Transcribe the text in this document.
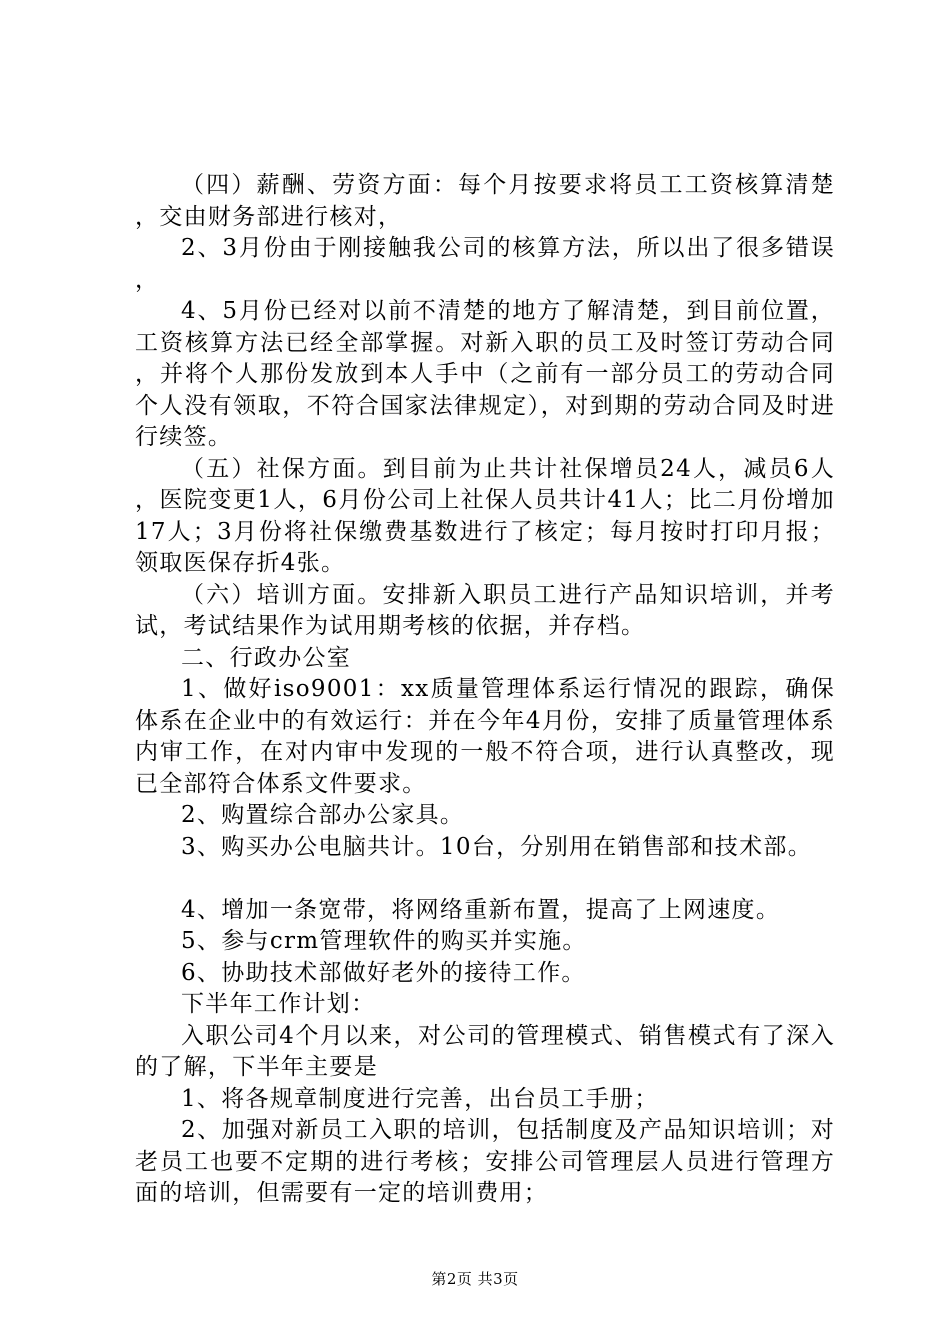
（四）薪酬、劳资方面：每个月按要求将员工工资核算清楚，交由财务部进行核对，

2、3月份由于刚接触我公司的核算方法，所以出了很多错误，

4、5月份已经对以前不清楚的地方了解清楚，到目前位置，工资核算方法已经全部掌握。对新入职的员工及时签订劳动合同，并将个人那份发放到本人手中（之前有一部分员工的劳动合同个人没有领取，不符合国家法律规定），对到期的劳动合同及时进行续签。

（五）社保方面。到目前为止共计社保增员24人，减员6人，医院变更1人，6月份公司上社保人员共计41人；比二月份增加17人；3月份将社保缴费基数进行了核定；每月按时打印月报；领取医保存折4张。

（六）培训方面。安排新入职员工进行产品知识培训，并考试，考试结果作为试用期考核的依据，并存档。

二、行政办公室

1、做好iso9001：xx质量管理体系运行情况的跟踪，确保体系在企业中的有效运行：并在今年4月份，安排了质量管理体系内审工作，在对内审中发现的一般不符合项，进行认真整改，现已全部符合体系文件要求。

2、购置综合部办公家具。

3、购买办公电脑共计。10台，分别用在销售部和技术部。

4、增加一条宽带，将网络重新布置，提高了上网速度。

5、参与crm管理软件的购买并实施。

6、协助技术部做好老外的接待工作。

下半年工作计划：

入职公司4个月以来，对公司的管理模式、销售模式有了深入的了解，下半年主要是

1、将各规章制度进行完善，出台员工手册；

2、加强对新员工入职的培训，包括制度及产品知识培训；对老员工也要不定期的进行考核；安排公司管理层人员进行管理方面的培训，但需要有一定的培训费用；

第2页 共3页
